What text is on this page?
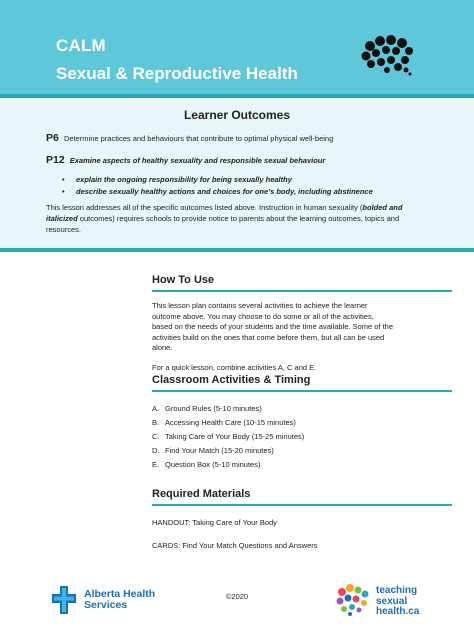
CALM
Sexual & Reproductive Health
Learner Outcomes
P6 Determine practices and behaviours that contribute to optimal physical well-being
P12 Examine aspects of healthy sexuality and responsible sexual behaviour
• explain the ongoing responsibility for being sexually healthy
• describe sexually healthy actions and choices for one’s body, including abstinence
This lesson addresses all of the specific outcomes listed above. Instruction in human sexuality (bolded and italicized outcomes) requires schools to provide notice to parents about the learning outcomes, topics and resources.
How To Use

This lesson plan contains several activities to achieve the learner outcome above. You may choose to do some or all of the activities, based on the needs of your students and the time available. Some of the activities build on the ones that come before them, but all can be used alone.

For a quick lesson, combine activities A, C and E.

Classroom Activities & Timing
A. Ground Rules (5-10 minutes)
B. Accessing Health Care (10-15 minutes)
C. Taking Care of Your Body (15-25 minutes)
D. Find Your Match (15-20 minutes)
E. Question Box (5-10 minutes)
Required Materials

HANDOUT: Taking Care of Your Body

CARDS: Find Your Match Questions and Answers

Alberta Health
Services
©2020
teaching
sexual
health.ca
